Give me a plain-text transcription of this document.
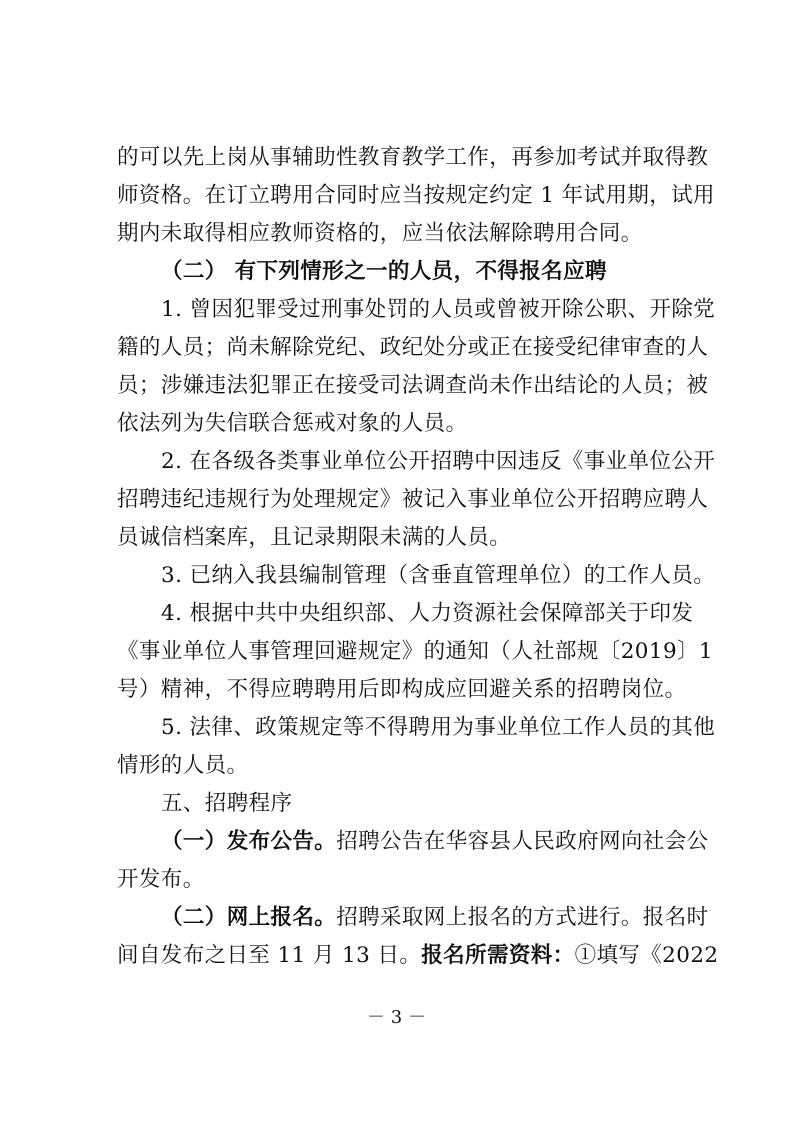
的可以先上岗从事辅助性教育教学工作，再参加考试并取得教
师资格。在订立聘用合同时应当按规定约定 1 年试用期，试用
期内未取得相应教师资格的，应当依法解除聘用合同。
（二） 有下列情形之一的人员，不得报名应聘
1. 曾因犯罪受过刑事处罚的人员或曾被开除公职、开除党
籍的人员；尚未解除党纪、政纪处分或正在接受纪律审查的人
员；涉嫌违法犯罪正在接受司法调查尚未作出结论的人员；被
依法列为失信联合惩戒对象的人员。
2. 在各级各类事业单位公开招聘中因违反《事业单位公开
招聘违纪违规行为处理规定》被记入事业单位公开招聘应聘人
员诚信档案库，且记录期限未满的人员。
3. 已纳入我县编制管理（含垂直管理单位）的工作人员。
4. 根据中共中央组织部、人力资源社会保障部关于印发
《事业单位人事管理回避规定》的通知（人社部规〔2019〕1
号）精神，不得应聘聘用后即构成应回避关系的招聘岗位。
5. 法律、政策规定等不得聘用为事业单位工作人员的其他
情形的人员。
五、招聘程序
（一）发布公告。招聘公告在华容县人民政府网向社会公
开发布。
（二）网上报名。招聘采取网上报名的方式进行。报名时
间自发布之日至 11 月 13 日。报名所需资料：①填写《2022
－ 3 －
